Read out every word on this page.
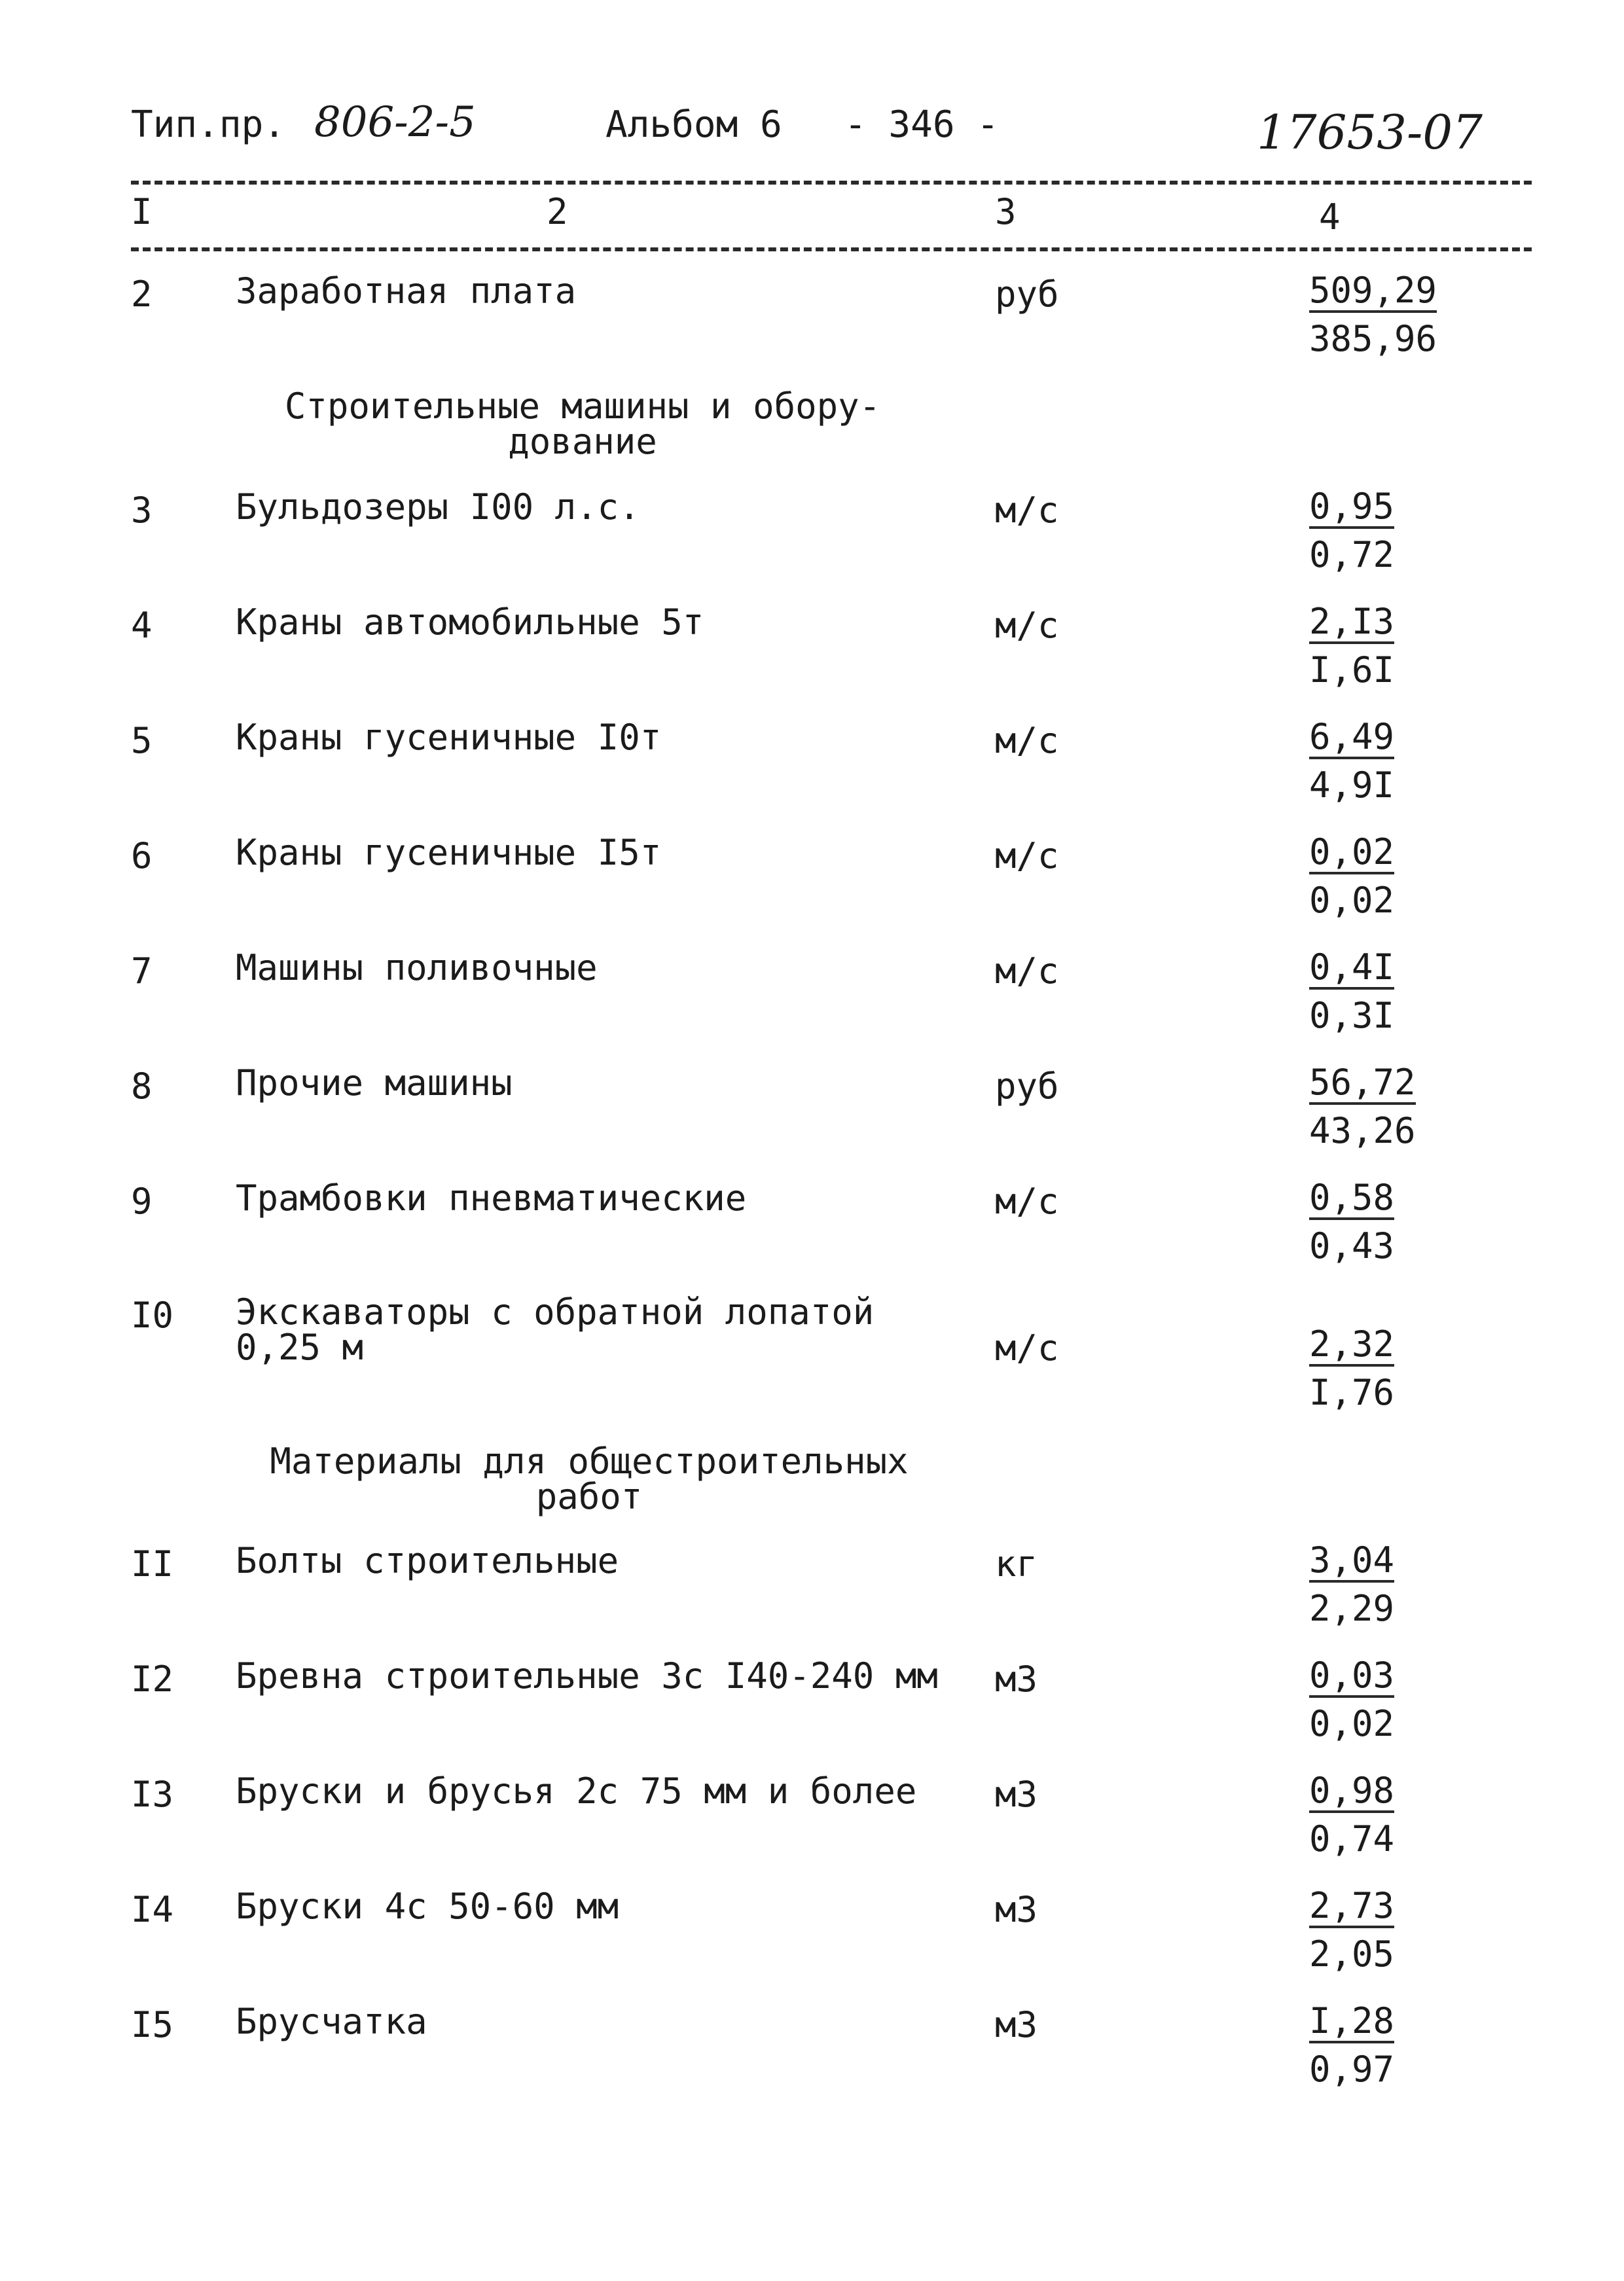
Тип.пр. 806-2-5	Альбом 6 - 346 -	17653-07
I	2	3	4
2 Заработная плата	руб	509,29
385,96
Строительные машины и обору-
дование
3 Бульдозеры I00 л.с.	м/с	0,95
0,72
4 Краны автомобильные 5т	м/с	2,I3
I,6I
5 Краны гусеничные I0т	м/с	6,49
4,9I
6 Краны гусеничные I5т	м/с	0,02
0,02
7 Машины поливочные	м/с	0,4I
0,3I
8 Прочие машины	руб	56,72
43,26
9 Трамбовки пневматические	м/с	0,58
0,43
I0 Экскаваторы с обратной лопатой
0,25 м	м/с	2,32
I,76
Материалы для общестроительных
работ
II Болты строительные	кг	3,04
2,29
I2 Бревна строительные 3с I40-240 мм м3	0,03
0,02
I3 Бруски и брусья 2с 75 мм и более м3	0,98
0,74
I4 Бруски 4с 50-60 мм	м3	2,73
2,05
I5 Брусчатка	м3	I,28
0,97
